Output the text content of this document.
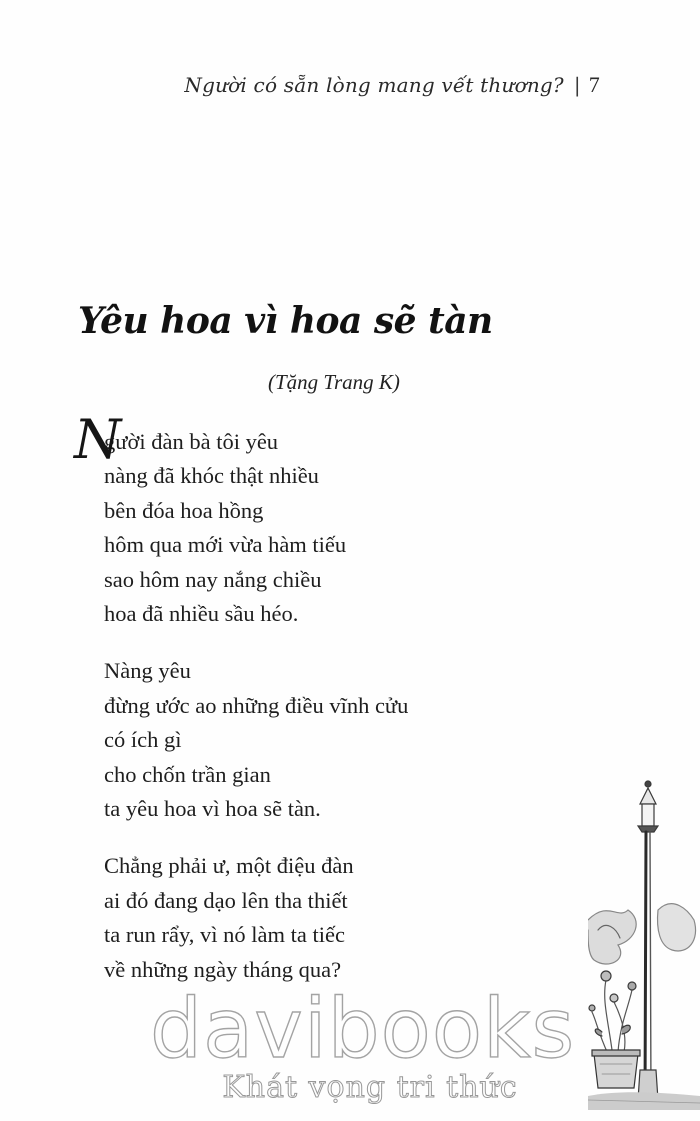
Người có sẵn lòng mang vết thương? | 7
Yêu hoa vì hoa sẽ tàn
(Tặng Trang K)
N
gười đàn bà tôi yêu
nàng đã khóc thật nhiều
bên đóa hoa hồng
hôm qua mới vừa hàm tiếu
sao hôm nay nắng chiều
hoa đã nhiều sầu héo.
Nàng yêu
đừng ước ao những điều vĩnh cửu
có ích gì
cho chốn trần gian
ta yêu hoa vì hoa sẽ tàn.
Chẳng phải ư, một điệu đàn
ai đó đang dạo lên tha thiết
ta run rẩy, vì nó làm ta tiếc
về những ngày tháng qua?
davibooks
Khát vọng tri thức
